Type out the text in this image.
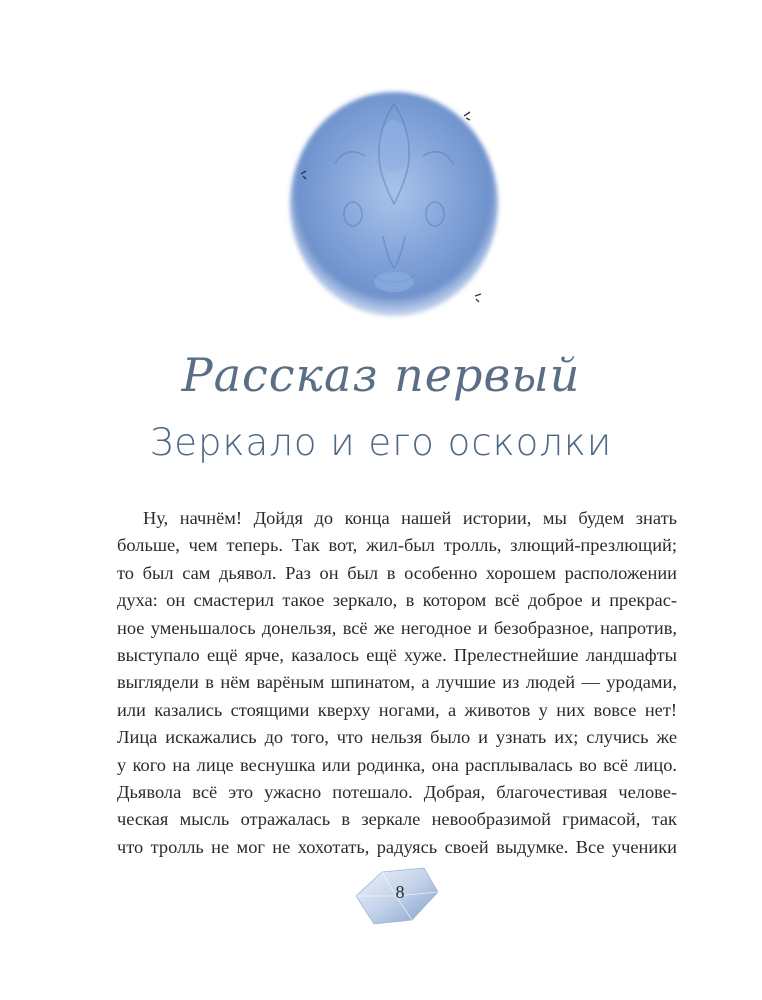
Рассказ первый
Зеркало и его осколки
Ну, начнём! Дойдя до конца нашей истории, мы будем знать
больше, чем теперь. Так вот, жил-был тролль, злющий-презлющий;
то был сам дьявол. Раз он был в особенно хорошем расположении
духа: он смастерил такое зеркало, в котором всё доброе и прекрас-
ное уменьшалось донельзя, всё же негодное и безобразное, напротив,
выступало ещё ярче, казалось ещё хуже. Прелестнейшие ландшафты
выглядели в нём варёным шпинатом, а лучшие из людей — уродами,
или казались стоящими кверху ногами, а животов у них вовсе нет!
Лица искажались до того, что нельзя было и узнать их; случись же
у кого на лице веснушка или родинка, она расплывалась во всё лицо.
Дьявола всё это ужасно потешало. Добрая, благочестивая челове-
ческая мысль отражалась в зеркале невообразимой гримасой, так
что тролль не мог не хохотать, радуясь своей выдумке. Все ученики
8
